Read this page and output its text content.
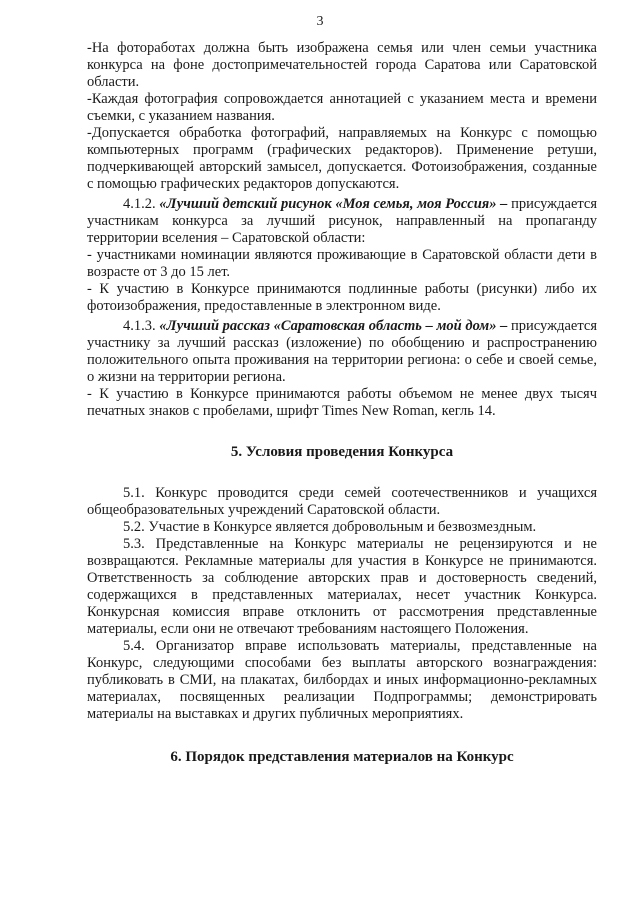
3

-На фотоработах должна быть изображена семья или член семьи участника конкурса на фоне достопримечательностей города Саратова или Саратовской области.

-Каждая фотография сопровождается аннотацией с указанием места и времени съемки, с указанием названия.

-Допускается обработка фотографий, направляемых на Конкурс с помощью компьютерных программ (графических редакторов). Применение ретуши, подчеркивающей авторский замысел, допускается. Фотоизображения, созданные с помощью графических редакторов допускаются.

4.1.2. «Лучший детский рисунок «Моя семья, моя Россия» – присуждается участникам конкурса за лучший рисунок, направленный на пропаганду территории вселения – Саратовской области:

- участниками номинации являются проживающие в Саратовской области дети в возрасте от 3 до 15 лет.

- К участию в Конкурсе принимаются подлинные работы (рисунки) либо их фотоизображения, предоставленные в электронном виде.

4.1.3. «Лучший рассказ «Саратовская область – мой дом» – присуждается участнику за лучший рассказ (изложение) по обобщению и распространению положительного опыта проживания на территории региона: о себе и своей семье, о жизни на территории региона.

- К участию в Конкурсе принимаются работы объемом не менее двух тысяч печатных знаков с пробелами, шрифт Times New Roman, кегль 14.

5. Условия проведения Конкурса

5.1. Конкурс проводится среди семей соотечественников и учащихся общеобразовательных учреждений Саратовской области.

5.2. Участие в Конкурсе является добровольным и безвозмездным.

5.3. Представленные на Конкурс материалы не рецензируются и не возвращаются. Рекламные материалы для участия в Конкурсе не принимаются. Ответственность за соблюдение авторских прав и достоверность сведений, содержащихся в представленных материалах, несет участник Конкурса. Конкурсная комиссия вправе отклонить от рассмотрения представленные материалы, если они не отвечают требованиям настоящего Положения.

5.4. Организатор вправе использовать материалы, представленные на Конкурс, следующими способами без выплаты авторского вознаграждения: публиковать в СМИ, на плакатах, билбордах и иных информационно-рекламных материалах, посвященных реализации Подпрограммы; демонстрировать материалы на выставках и других публичных мероприятиях.

6. Порядок представления материалов на Конкурс
